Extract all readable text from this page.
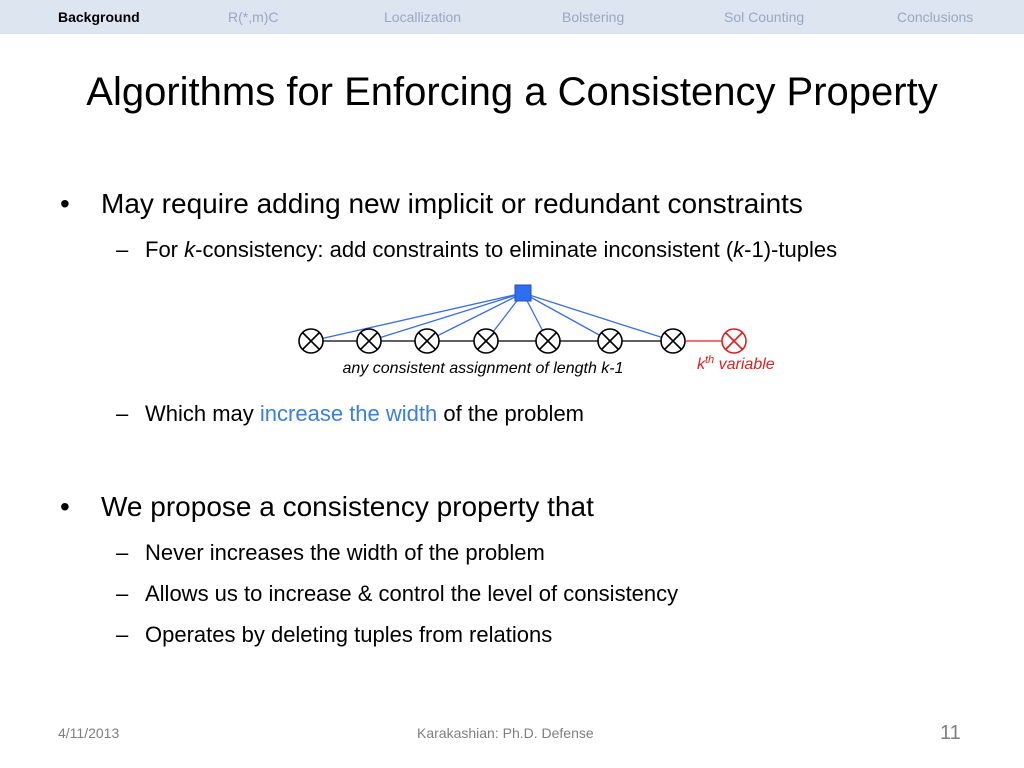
Background	R(*,m)C	Locallization	Bolstering	Sol Counting	Conclusions
Algorithms for Enforcing a Consistency Property
• May require adding new implicit or redundant constraints
– For k-consistency: add constraints to eliminate inconsistent (k-1)-tuples
any consistent assignment of length k-1	$k^{th}$ variable
– Which may increase the width of the problem
• We propose a consistency property that
– Never increases the width of the problem
– Allows us to increase & control the level of consistency
– Operates by deleting tuples from relations
4/11/2013	Karakashian: Ph.D. Defense	11
